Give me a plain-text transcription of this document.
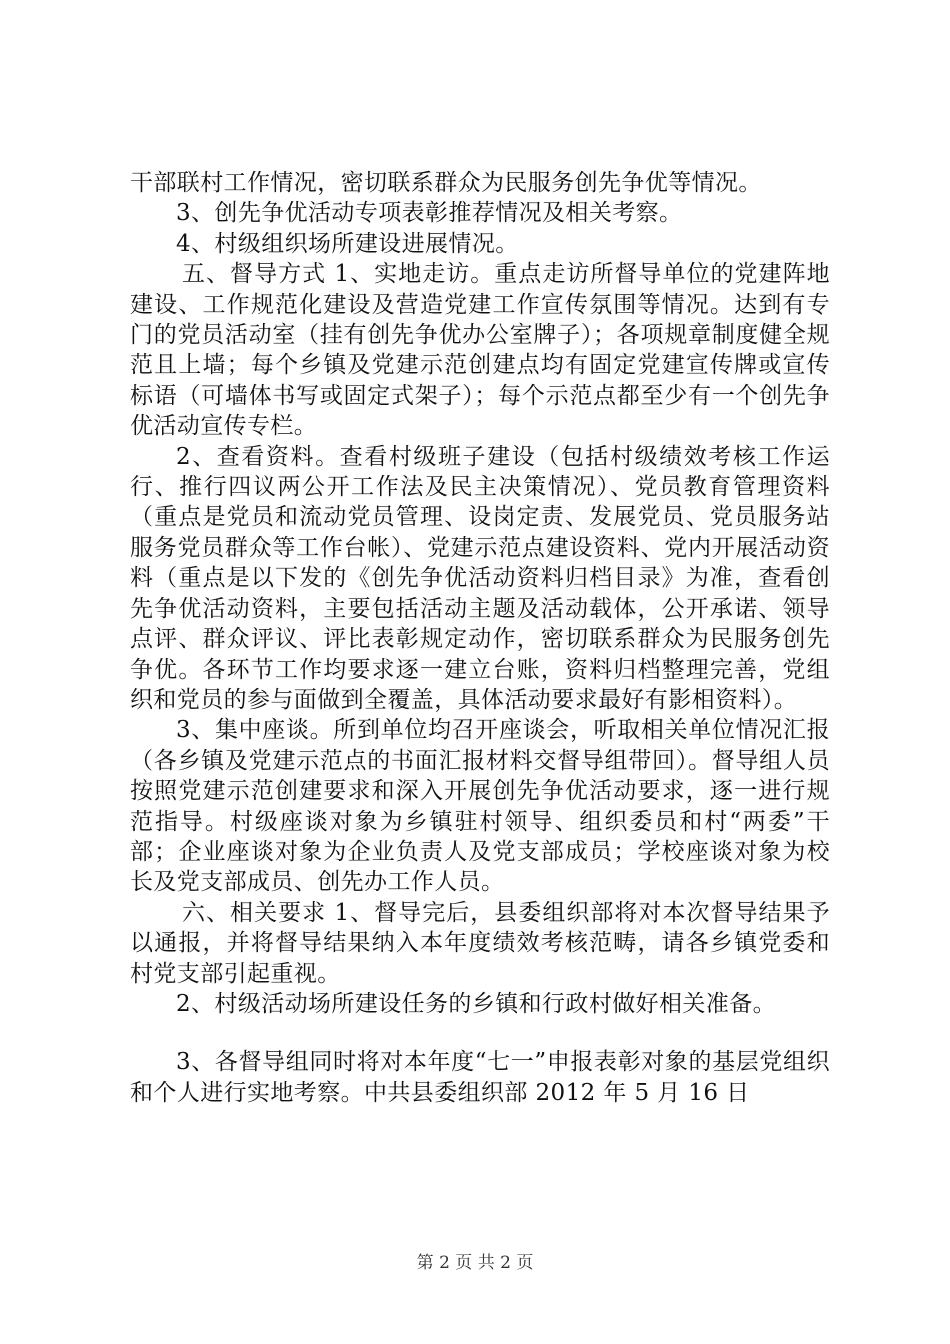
干部联村工作情况，密切联系群众为民服务创先争优等情况。

3、创先争优活动专项表彰推荐情况及相关考察。

4、村级组织场所建设进展情况。

五、督导方式 1、实地走访。重点走访所督导单位的党建阵地建设、工作规范化建设及营造党建工作宣传氛围等情况。达到有专门的党员活动室（挂有创先争优办公室牌子）；各项规章制度健全规范且上墙；每个乡镇及党建示范创建点均有固定党建宣传牌或宣传标语（可墙体书写或固定式架子）；每个示范点都至少有一个创先争优活动宣传专栏。

2、查看资料。查看村级班子建设（包括村级绩效考核工作运行、推行四议两公开工作法及民主决策情况）、党员教育管理资料（重点是党员和流动党员管理、设岗定责、发展党员、党员服务站服务党员群众等工作台帐）、党建示范点建设资料、党内开展活动资料（重点是以下发的《创先争优活动资料归档目录》为准，查看创先争优活动资料，主要包括活动主题及活动载体，公开承诺、领导点评、群众评议、评比表彰规定动作，密切联系群众为民服务创先争优。各环节工作均要求逐一建立台账，资料归档整理完善，党组织和党员的参与面做到全覆盖，具体活动要求最好有影相资料）。

3、集中座谈。所到单位均召开座谈会，听取相关单位情况汇报（各乡镇及党建示范点的书面汇报材料交督导组带回）。督导组人员按照党建示范创建要求和深入开展创先争优活动要求，逐一进行规范指导。村级座谈对象为乡镇驻村领导、组织委员和村“两委”干部；企业座谈对象为企业负责人及党支部成员；学校座谈对象为校长及党支部成员、创先办工作人员。

六、相关要求 1、督导完后，县委组织部将对本次督导结果予以通报，并将督导结果纳入本年度绩效考核范畴，请各乡镇党委和村党支部引起重视。

2、村级活动场所建设任务的乡镇和行政村做好相关准备。

3、各督导组同时将对本年度“七一”申报表彰对象的基层党组织和个人进行实地考察。中共县委组织部 2012 年 5 月 16 日

第 2 页 共 2 页
